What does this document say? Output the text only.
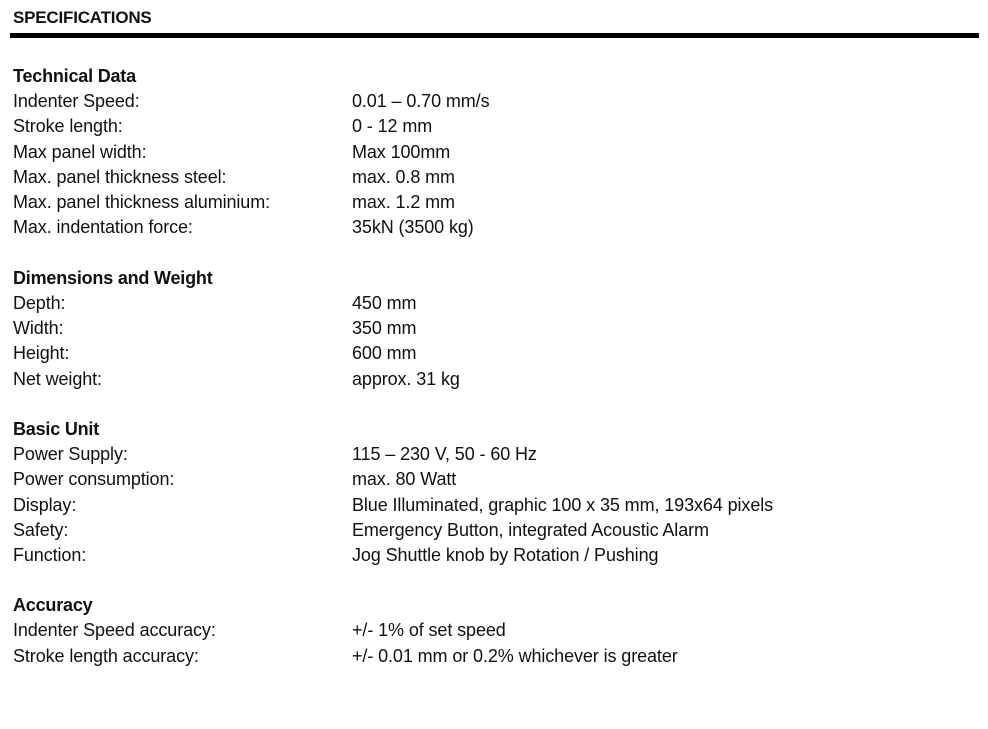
SPECIFICATIONS
Technical Data
Indenter Speed:	0.01 – 0.70 mm/s
Stroke length:	0 - 12 mm
Max panel width:	Max 100mm
Max. panel thickness steel:	max. 0.8 mm
Max. panel thickness aluminium:	max. 1.2 mm
Max. indentation force:	35kN (3500 kg)
Dimensions and Weight
Depth:	450 mm
Width:	350 mm
Height:	600 mm
Net weight:	approx. 31 kg
Basic Unit
Power Supply:	115 – 230 V, 50 - 60 Hz
Power consumption:	max. 80 Watt
Display:	Blue Illuminated, graphic 100 x 35 mm, 193x64 pixels
Safety:	Emergency Button, integrated Acoustic Alarm
Function:	Jog Shuttle knob by Rotation / Pushing
Accuracy
Indenter Speed accuracy:	+/- 1% of set speed
Stroke length accuracy:	+/- 0.01 mm or 0.2% whichever is greater
